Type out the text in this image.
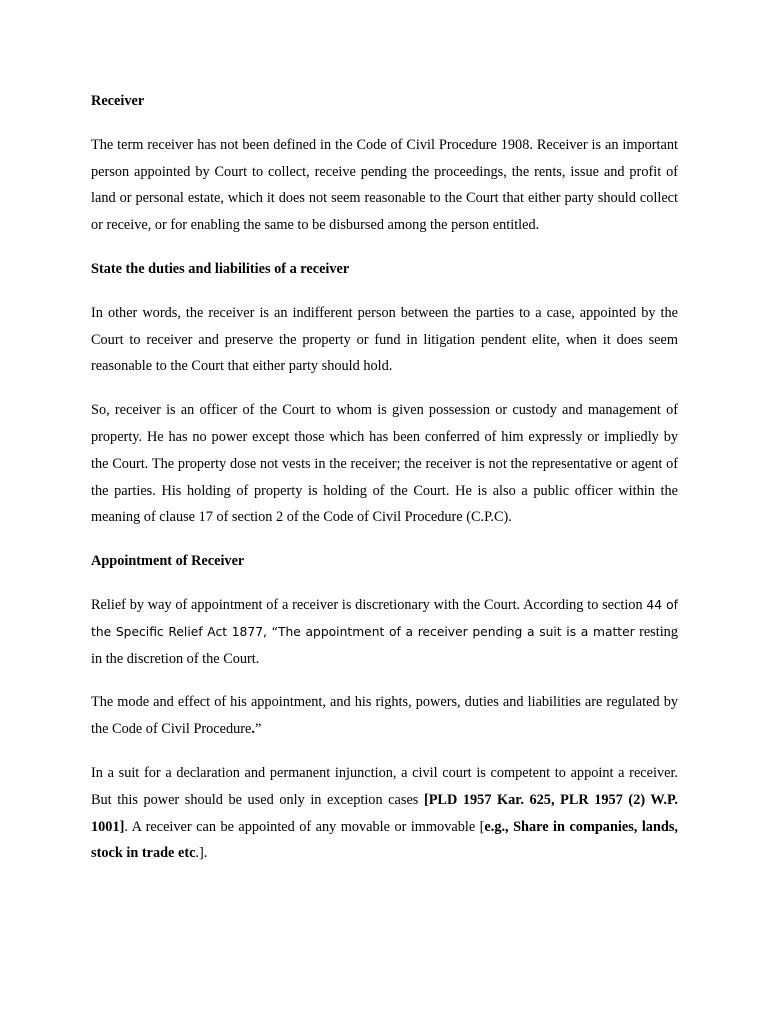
Receiver
The term receiver has not been defined in the Code of Civil Procedure 1908. Receiver is an important person appointed by Court to collect, receive pending the proceedings, the rents, issue and profit of land or personal estate, which it does not seem reasonable to the Court that either party should collect or receive, or for enabling the same to be disbursed among the person entitled.
State the duties and liabilities of a receiver
In other words, the receiver is an indifferent person between the parties to a case, appointed by the Court to receiver and preserve the property or fund in litigation pendent elite, when it does seem reasonable to the Court that either party should hold.
So, receiver is an officer of the Court to whom is given possession or custody and management of property. He has no power except those which has been conferred of him expressly or impliedly by the Court. The property dose not vests in the receiver; the receiver is not the representative or agent of the parties. His holding of property is holding of the Court. He is also a public officer within the meaning of clause 17 of section 2 of the Code of Civil Procedure (C.P.C).
Appointment of Receiver
Relief by way of appointment of a receiver is discretionary with the Court. According to section 44 of the Specific Relief Act 1877, “The appointment of a receiver pending a suit is a matter resting in the discretion of the Court.
The mode and effect of his appointment, and his rights, powers, duties and liabilities are regulated by the Code of Civil Procedure.”
In a suit for a declaration and permanent injunction, a civil court is competent to appoint a receiver. But this power should be used only in exception cases [PLD 1957 Kar. 625, PLR 1957 (2) W.P. 1001]. A receiver can be appointed of any movable or immovable [e.g., Share in companies, lands, stock in trade etc.].
